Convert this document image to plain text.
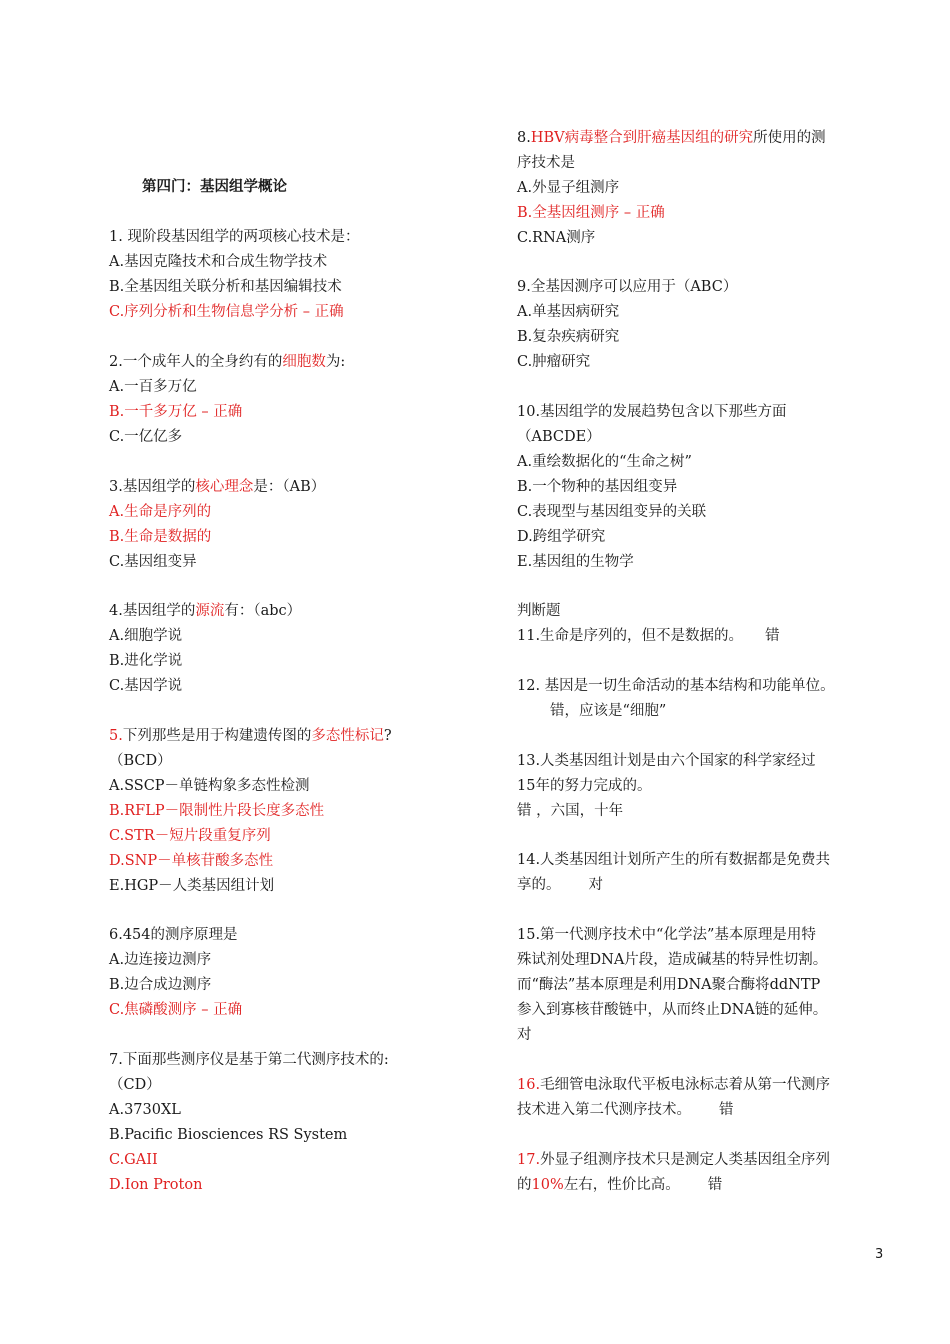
第四门：基因组学概论
1. 现阶段基因组学的两项核心技术是：
A.基因克隆技术和合成生物学技术
B.全基因组关联分析和基因编辑技术
C.序列分析和生物信息学分析 – 正确
2.一个成年人的全身约有的细胞数为:
A.一百多万亿
B.一千多万亿 – 正确
C.一亿亿多
3.基因组学的核心理念是：（AB）
A.生命是序列的
B.生命是数据的
C.基因组变异
4.基因组学的源流有：（abc）
A.细胞学说
B.进化学说
C.基因学说
5.下列那些是用于构建遗传图的多态性标记?
（BCD）
A.SSCP－单链构象多态性检测
B.RFLP－限制性片段长度多态性
C.STR－短片段重复序列
D.SNP－单核苷酸多态性
E.HGP－人类基因组计划
6.454的测序原理是
A.边连接边测序
B.边合成边测序
C.焦磷酸测序 – 正确
7.下面那些测序仪是基于第二代测序技术的:
（CD）
A.3730XL
B.Pacific Biosciences RS System
C.GAII
D.Ion Proton
8.HBV病毒整合到肝癌基因组的研究所使用的测
序技术是
A.外显子组测序
B.全基因组测序 – 正确
C.RNA测序
9.全基因测序可以应用于（ABC）
A.单基因病研究
B.复杂疾病研究
C.肿瘤研究
10.基因组学的发展趋势包含以下那些方面
（ABCDE）
A.重绘数据化的“生命之树”
B.一个物种的基因组变异
C.表现型与基因组变异的关联
D.跨组学研究
E.基因组的生物学
判断题
11.生命是序列的，但不是数据的。 错
12. 基因是一切生命活动的基本结构和功能单位。
错，应该是“细胞”
13.人类基因组计划是由六个国家的科学家经过
15年的努力完成的。
错 ，六国，十年
14.人类基因组计划所产生的所有数据都是免费共
享的。 对
15.第一代测序技术中“化学法”基本原理是用特
殊试剂处理DNA片段，造成碱基的特异性切割。
而“酶法”基本原理是利用DNA聚合酶将ddNTP
参入到寡核苷酸链中，从而终止DNA链的延伸。
对
16.毛细管电泳取代平板电泳标志着从第一代测序
技术进入第二代测序技术。 错
17.外显子组测序技术只是测定人类基因组全序列
的10%左右，性价比高。 错
3
